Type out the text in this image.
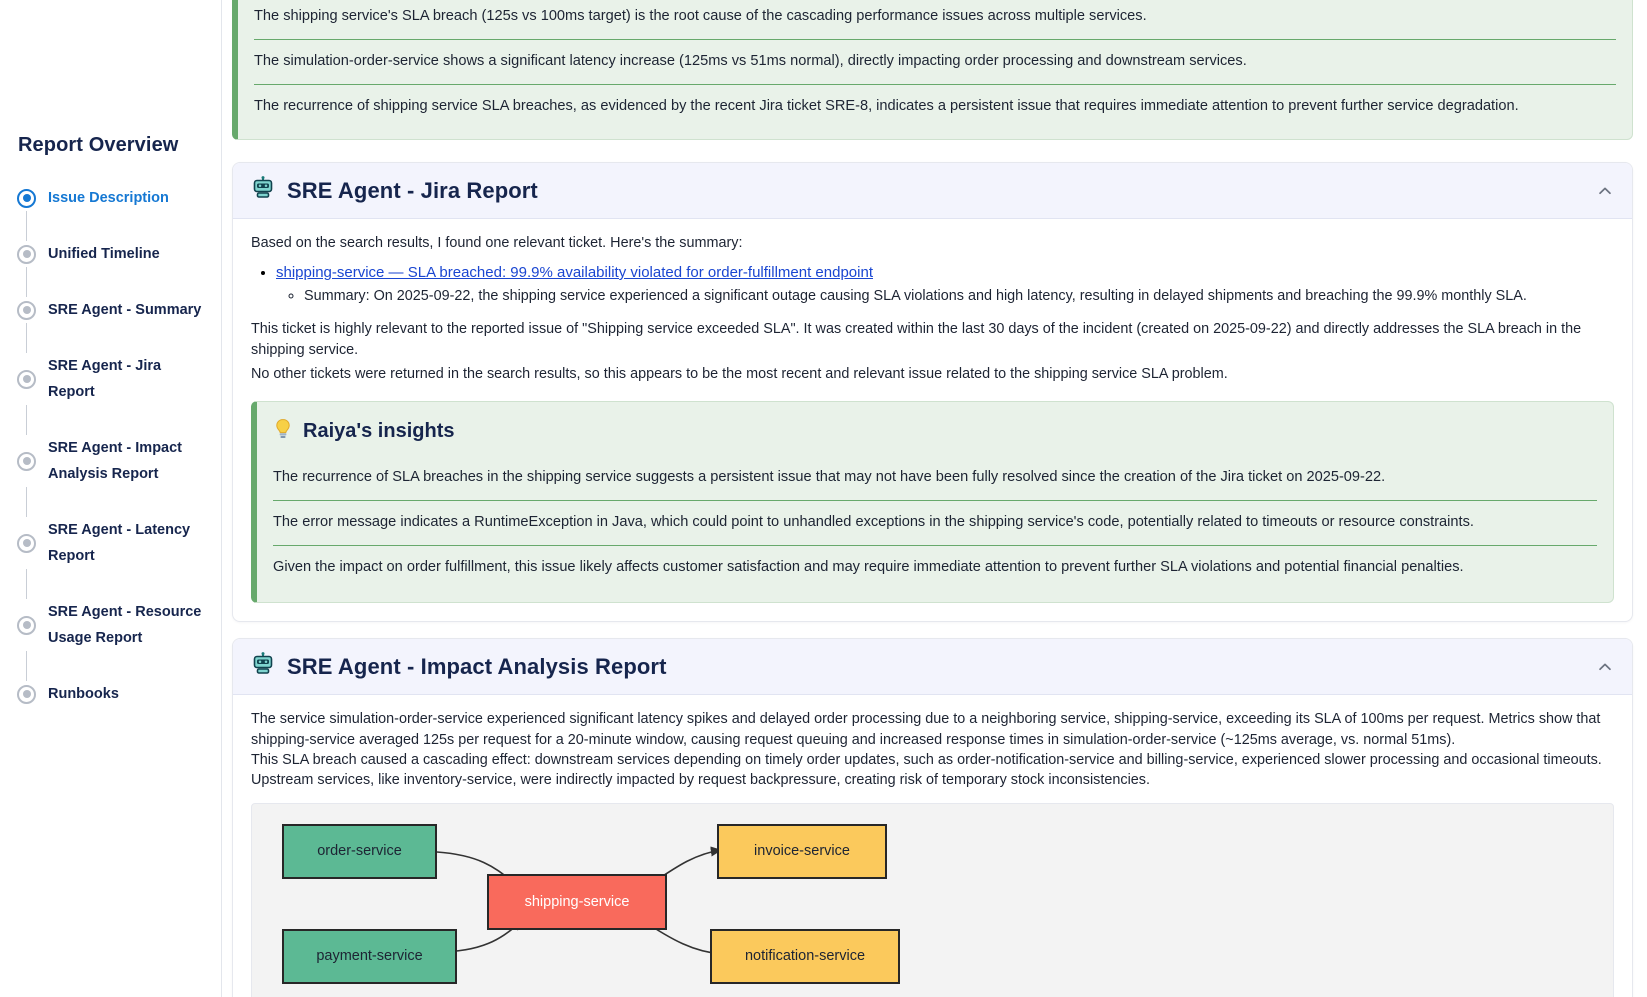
Report Overview
Issue Description
Unified Timeline
SRE Agent - Summary
SRE Agent - Jira Report
SRE Agent - Impact Analysis Report
SRE Agent - Latency Report
SRE Agent - Resource Usage Report
Runbooks
The shipping service's SLA breach (125s vs 100ms target) is the root cause of the cascading performance issues across multiple services.
The simulation-order-service shows a significant latency increase (125ms vs 51ms normal), directly impacting order processing and downstream services.
The recurrence of shipping service SLA breaches, as evidenced by the recent Jira ticket SRE-8, indicates a persistent issue that requires immediate attention to prevent further service degradation.
SRE Agent - Jira Report

Based on the search results, I found one relevant ticket. Here's the summary:

• shipping-service — SLA breached: 99.9% availability violated for order-fulfillment endpoint
◦ Summary: On 2025-09-22, the shipping service experienced a significant outage causing SLA violations and high latency, resulting in delayed shipments and breaching the 99.9% monthly SLA.

This ticket is highly relevant to the reported issue of "Shipping service exceeded SLA". It was created within the last 30 days of the incident (created on 2025-09-22) and directly addresses the SLA breach in the shipping service.

No other tickets were returned in the search results, so this appears to be the most recent and relevant issue related to the shipping service SLA problem.

Raiya's insights
The recurrence of SLA breaches in the shipping service suggests a persistent issue that may not have been fully resolved since the creation of the Jira ticket on 2025-09-22.
The error message indicates a RuntimeException in Java, which could point to unhandled exceptions in the shipping service's code, potentially related to timeouts or resource constraints.
Given the impact on order fulfillment, this issue likely affects customer satisfaction and may require immediate attention to prevent further SLA violations and potential financial penalties.
SRE Agent - Impact Analysis Report

The service simulation-order-service experienced significant latency spikes and delayed order processing due to a neighboring service, shipping-service, exceeding its SLA of 100ms per request. Metrics show that shipping-service averaged 125s per request for a 20-minute window, causing request queuing and increased response times in simulation-order-service (~125ms average, vs. normal 51ms).

This SLA breach caused a cascading effect: downstream services depending on timely order updates, such as order-notification-service and billing-service, experienced slower processing and occasional timeouts.

Upstream services, like inventory-service, were indirectly impacted by request backpressure, creating risk of temporary stock inconsistencies.

order-service
payment-service
shipping-service
invoice-service
notification-service
